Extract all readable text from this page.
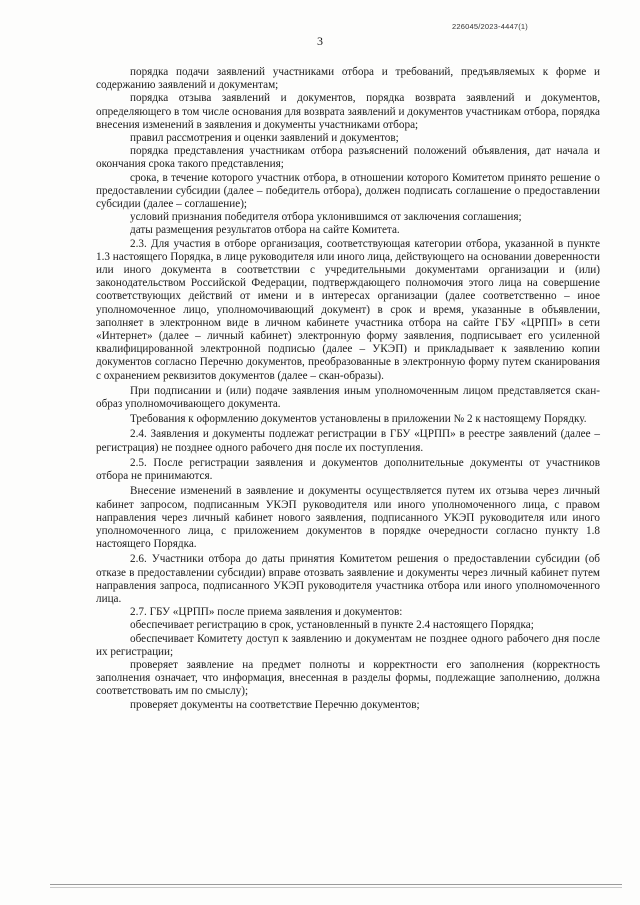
226045/2023-4447(1)
3

порядка подачи заявлений участниками отбора и требований, предъявляемых к форме и содержанию заявлений и документам;

порядка отзыва заявлений и документов, порядка возврата заявлений и документов, определяющего в том числе основания для возврата заявлений и документов участникам отбора, порядка внесения изменений в заявления и документы участниками отбора;

правил рассмотрения и оценки заявлений и документов;

порядка представления участникам отбора разъяснений положений объявления, дат начала и окончания срока такого представления;

срока, в течение которого участник отбора, в отношении которого Комитетом принято решение о предоставлении субсидии (далее – победитель отбора), должен подписать соглашение о предоставлении субсидии (далее – соглашение);

условий признания победителя отбора уклонившимся от заключения соглашения;

даты размещения результатов отбора на сайте Комитета.

2.3. Для участия в отборе организация, соответствующая категории отбора, указанной в пункте 1.3 настоящего Порядка, в лице руководителя или иного лица, действующего на основании доверенности или иного документа в соответствии с учредительными документами организации и (или) законодательством Российской Федерации, подтверждающего полномочия этого лица на совершение соответствующих действий от имени и в интересах организации (далее соответственно – иное уполномоченное лицо, уполномочивающий документ) в срок и время, указанные в объявлении, заполняет в электронном виде в личном кабинете участника отбора на сайте ГБУ «ЦРПП» в сети «Интернет» (далее – личный кабинет) электронную форму заявления, подписывает его усиленной квалифицированной электронной подписью (далее – УКЭП) и прикладывает к заявлению копии документов согласно Перечню документов, преобразованные в электронную форму путем сканирования с охранением реквизитов документов (далее – скан-образы).

При подписании и (или) подаче заявления иным уполномоченным лицом представляется скан-образ уполномочивающего документа.

Требования к оформлению документов установлены в приложении № 2 к настоящему Порядку.

2.4. Заявления и документы подлежат регистрации в ГБУ «ЦРПП» в реестре заявлений (далее – регистрация) не позднее одного рабочего дня после их поступления.

2.5. После регистрации заявления и документов дополнительные документы от участников отбора не принимаются.

Внесение изменений в заявление и документы осуществляется путем их отзыва через личный кабинет запросом, подписанным УКЭП руководителя или иного уполномоченного лица, с правом направления через личный кабинет нового заявления, подписанного УКЭП руководителя или иного уполномоченного лица, с приложением документов в порядке очередности согласно пункту 1.8 настоящего Порядка.

2.6. Участники отбора до даты принятия Комитетом решения о предоставлении субсидии (об отказе в предоставлении субсидии) вправе отозвать заявление и документы через личный кабинет путем направления запроса, подписанного УКЭП руководителя участника отбора или иного уполномоченного лица.

2.7. ГБУ «ЦРПП» после приема заявления и документов:

обеспечивает регистрацию в срок, установленный в пункте 2.4 настоящего Порядка;

обеспечивает Комитету доступ к заявлению и документам не позднее одного рабочего дня после их регистрации;

проверяет заявление на предмет полноты и корректности его заполнения (корректность заполнения означает, что информация, внесенная в разделы формы, подлежащие заполнению, должна соответствовать им по смыслу);

проверяет документы на соответствие Перечню документов;
